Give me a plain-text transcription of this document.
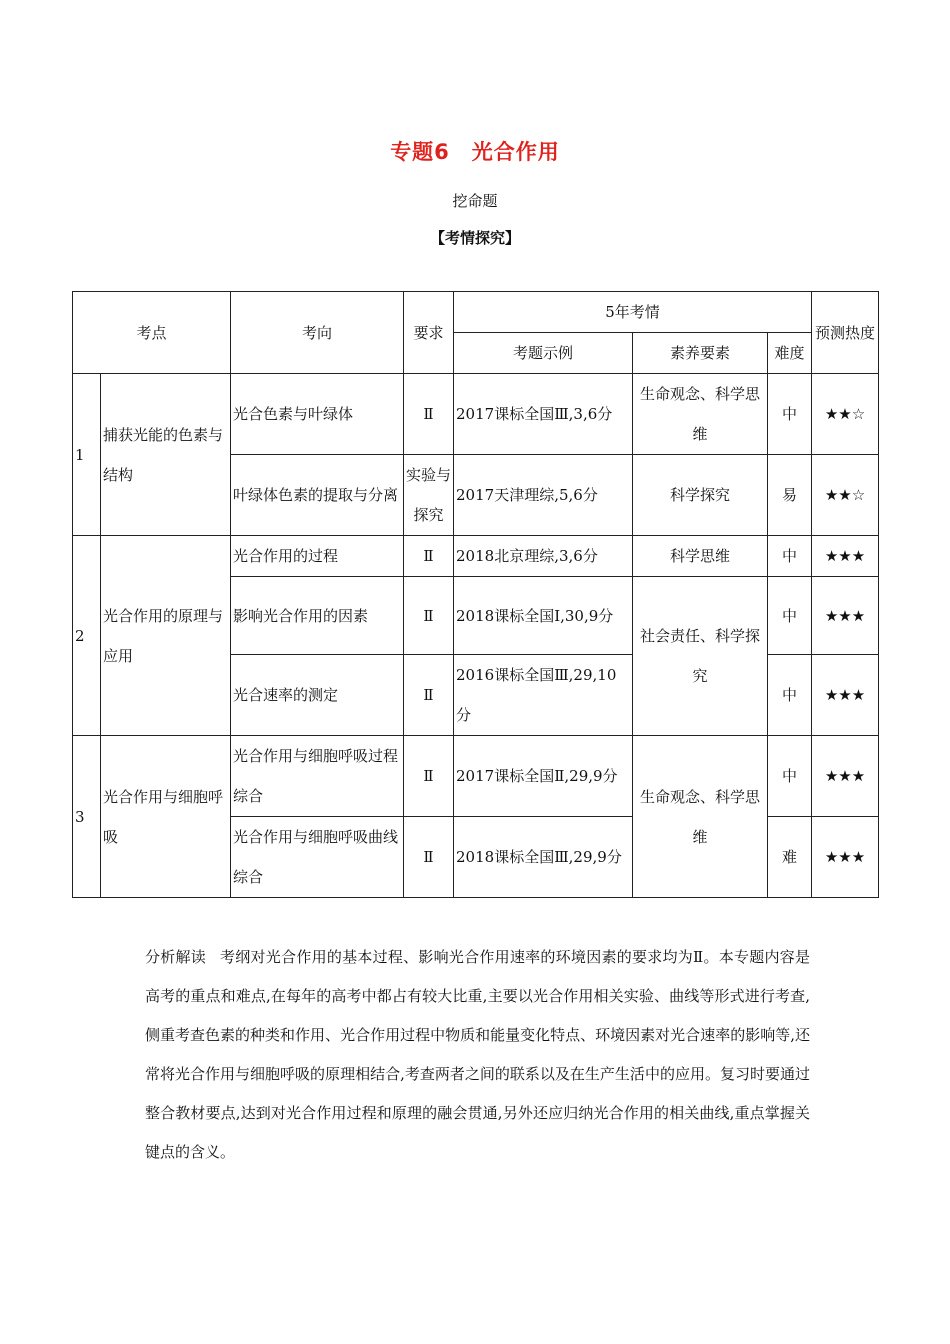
专题6　光合作用
挖命题
【考情探究】
考点		考向	要求	5年考情			预测热度
				考题示例	素养要素	难度	
1	捕获光能的色素与结构	光合色素与叶绿体	Ⅱ	2017课标全国Ⅲ,3,6分	生命观念、科学思维	中	★★☆
		叶绿体色素的提取与分离	实验与探究	2017天津理综,5,6分	科学探究	易	★★☆
2	光合作用的原理与应用	光合作用的过程	Ⅱ	2018北京理综,3,6分	科学思维	中	★★★
		影响光合作用的因素	Ⅱ	2018课标全国Ⅰ,30,9分	社会责任、科学探究	中	★★★
		光合速率的测定	Ⅱ	2016课标全国Ⅲ,29,10分		中	★★★
3	光合作用与细胞呼吸	光合作用与细胞呼吸过程综合	Ⅱ	2017课标全国Ⅱ,29,9分	生命观念、科学思维	中	★★★
		光合作用与细胞呼吸曲线综合	Ⅱ	2018课标全国Ⅲ,29,9分		难	★★★
分析解读 考纲对光合作用的基本过程、影响光合作用速率的环境因素的要求均为Ⅱ。本专题内容是高考的重点和难点,在每年的高考中都占有较大比重,主要以光合作用相关实验、曲线等形式进行考查,侧重考查色素的种类和作用、光合作用过程中物质和能量变化特点、环境因素对光合速率的影响等,还常将光合作用与细胞呼吸的原理相结合,考查两者之间的联系以及在生产生活中的应用。复习时要通过整合教材要点,达到对光合作用过程和原理的融会贯通,另外还应归纳光合作用的相关曲线,重点掌握关键点的含义。
